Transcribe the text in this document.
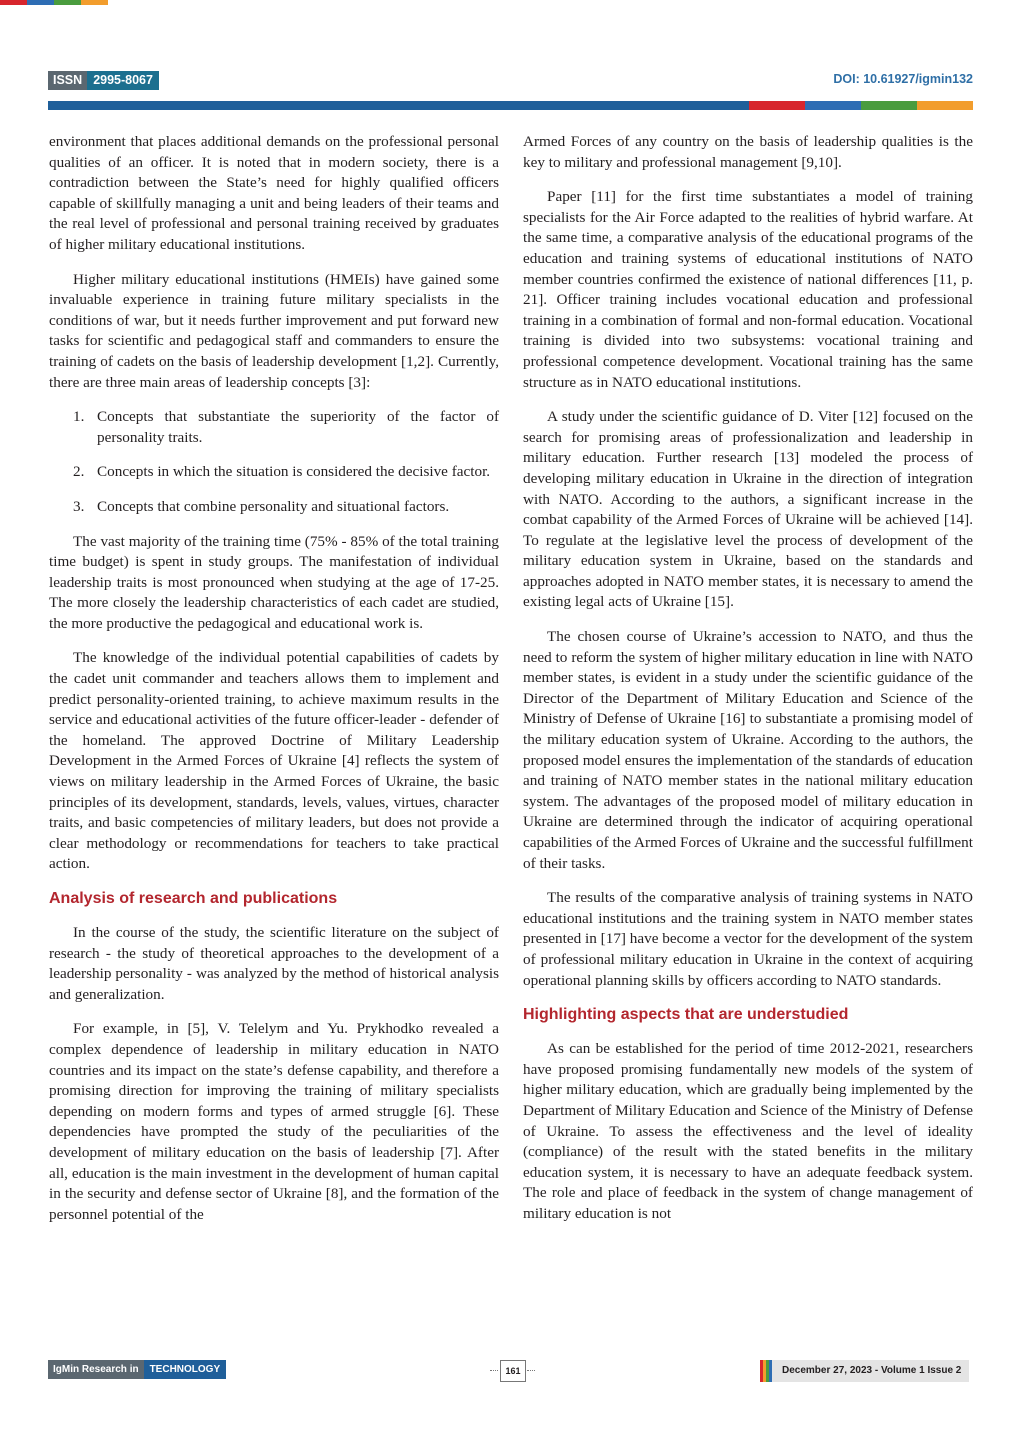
ISSN 2995-8067	DOI: 10.61927/igmin132

environment that places additional demands on the professional personal qualities of an officer. It is noted that in modern society, there is a contradiction between the State’s need for highly qualified officers capable of skillfully managing a unit and being leaders of their teams and the real level of professional and personal training received by graduates of higher military educational institutions.

Higher military educational institutions (HMEIs) have gained some invaluable experience in training future military specialists in the conditions of war, but it needs further improvement and put forward new tasks for scientific and pedagogical staff and commanders to ensure the training of cadets on the basis of leadership development [1,2]. Currently, there are three main areas of leadership concepts [3]:

1. Concepts that substantiate the superiority of the factor of personality traits.
2. Concepts in which the situation is considered the decisive factor.
3. Concepts that combine personality and situational factors.

The vast majority of the training time (75% - 85% of the total training time budget) is spent in study groups. The manifestation of individual leadership traits is most pronounced when studying at the age of 17-25. The more closely the leadership characteristics of each cadet are studied, the more productive the pedagogical and educational work is.

The knowledge of the individual potential capabilities of cadets by the cadet unit commander and teachers allows them to implement and predict personality-oriented training, to achieve maximum results in the service and educational activities of the future officer-leader - defender of the homeland. The approved Doctrine of Military Leadership Development in the Armed Forces of Ukraine [4] reflects the system of views on military leadership in the Armed Forces of Ukraine, the basic principles of its development, standards, levels, values, virtues, character traits, and basic competencies of military leaders, but does not provide a clear methodology or recommendations for teachers to take practical action.

Analysis of research and publications

In the course of the study, the scientific literature on the subject of research - the study of theoretical approaches to the development of a leadership personality - was analyzed by the method of historical analysis and generalization.

For example, in [5], V. Telelym and Yu. Prykhodko revealed a complex dependence of leadership in military education in NATO countries and its impact on the state’s defense capability, and therefore a promising direction for improving the training of military specialists depending on modern forms and types of armed struggle [6]. These dependencies have prompted the study of the peculiarities of the development of military education on the basis of leadership [7]. After all, education is the main investment in the development of human capital in the security and defense sector of Ukraine [8], and the formation of the personnel potential of the

Armed Forces of any country on the basis of leadership qualities is the key to military and professional management [9,10].

Paper [11] for the first time substantiates a model of training specialists for the Air Force adapted to the realities of hybrid warfare. At the same time, a comparative analysis of the educational programs of the education and training systems of educational institutions of NATO member countries confirmed the existence of national differences [11, p. 21]. Officer training includes vocational education and professional training in a combination of formal and non-formal education. Vocational training is divided into two subsystems: vocational training and professional competence development. Vocational training has the same structure as in NATO educational institutions.

A study under the scientific guidance of D. Viter [12] focused on the search for promising areas of professionalization and leadership in military education. Further research [13] modeled the process of developing military education in Ukraine in the direction of integration with NATO. According to the authors, a significant increase in the combat capability of the Armed Forces of Ukraine will be achieved [14]. To regulate at the legislative level the process of development of the military education system in Ukraine, based on the standards and approaches adopted in NATO member states, it is necessary to amend the existing legal acts of Ukraine [15].

The chosen course of Ukraine’s accession to NATO, and thus the need to reform the system of higher military education in line with NATO member states, is evident in a study under the scientific guidance of the Director of the Department of Military Education and Science of the Ministry of Defense of Ukraine [16] to substantiate a promising model of the military education system of Ukraine. According to the authors, the proposed model ensures the implementation of the standards of education and training of NATO member states in the national military education system. The advantages of the proposed model of military education in Ukraine are determined through the indicator of acquiring operational capabilities of the Armed Forces of Ukraine and the successful fulfillment of their tasks.

The results of the comparative analysis of training systems in NATO educational institutions and the training system in NATO member states presented in [17] have become a vector for the development of the system of professional military education in Ukraine in the context of acquiring operational planning skills by officers according to NATO standards.

Highlighting aspects that are understudied

As can be established for the period of time 2012-2021, researchers have proposed promising fundamentally new models of the system of higher military education, which are gradually being implemented by the Department of Military Education and Science of the Ministry of Defense of Ukraine. To assess the effectiveness and the level of ideality (compliance) of the result with the stated benefits in the military education system, it is necessary to have an adequate feedback system. The role and place of feedback in the system of change management of military education is not

IgMin Research in	TECHNOLOGY	161	December 27, 2023 - Volume 1 Issue 2
